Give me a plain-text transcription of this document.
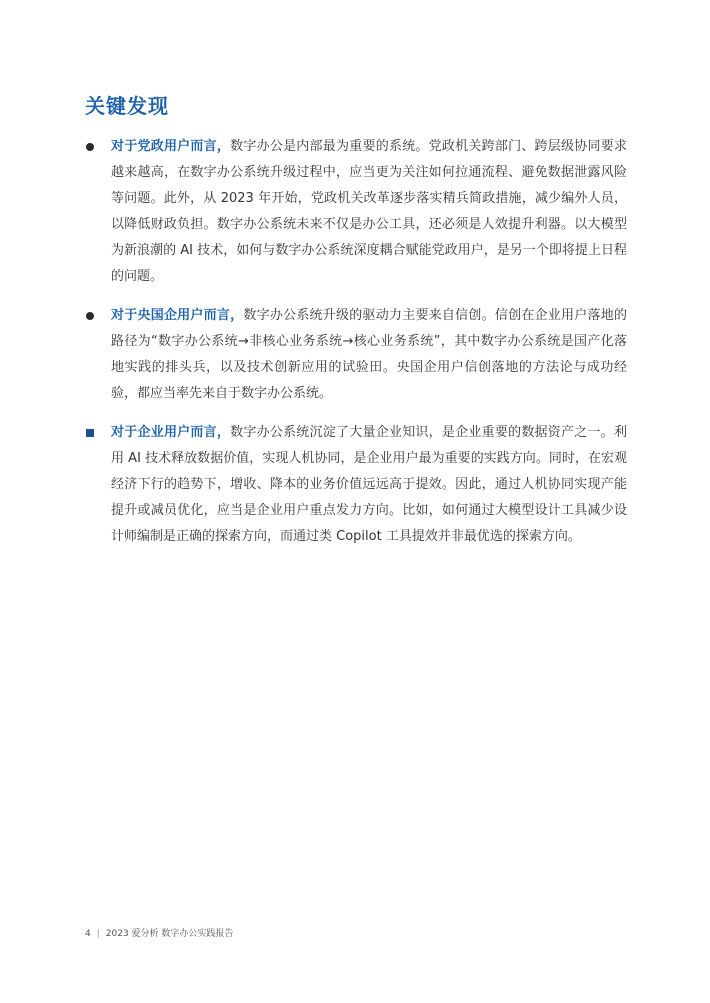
关键发现
对于党政用户而言，数字办公是内部最为重要的系统。党政机关跨部门、跨层级协同要求越来越高，在数字办公系统升级过程中，应当更为关注如何拉通流程、避免数据泄露风险等问题。此外，从 2023 年开始，党政机关改革逐步落实精兵简政措施，减少编外人员，以降低财政负担。数字办公系统未来不仅是办公工具，还必须是人效提升利器。以大模型为新浪潮的 AI 技术，如何与数字办公系统深度耦合赋能党政用户，是另一个即将提上日程的问题。
对于央国企用户而言，数字办公系统升级的驱动力主要来自信创。信创在企业用户落地的路径为“数字办公系统→非核心业务系统→核心业务系统”，其中数字办公系统是国产化落地实践的排头兵，以及技术创新应用的试验田。央国企用户信创落地的方法论与成功经验，都应当率先来自于数字办公系统。
对于企业用户而言，数字办公系统沉淀了大量企业知识，是企业重要的数据资产之一。利用 AI 技术释放数据价值，实现人机协同，是企业用户最为重要的实践方向。同时，在宏观经济下行的趋势下，增收、降本的业务价值远远高于提效。因此，通过人机协同实现产能提升或减员优化，应当是企业用户重点发力方向。比如，如何通过大模型设计工具减少设计师编制是正确的探索方向，而通过类 Copilot 工具提效并非最优选的探索方向。
4 | 2023 爱分析 数字办公实践报告
